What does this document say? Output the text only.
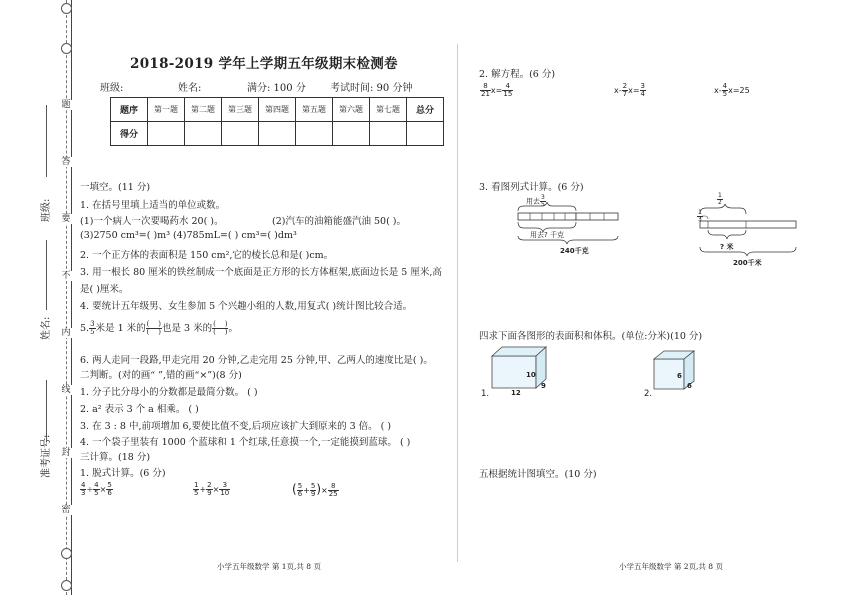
题
答
要
不
内
线
封
密
班级:
姓名:
准考证号:
2018-2019 学年上学期五年级期末检测卷
班级:	姓名:	满分: 100 分 考试时间: 90 分钟
题序	第一题	第二题	第三题	第四题	第五题	第六题	第七题	总分
得分								
一填空。(11 分)
1. 在括号里填上适当的单位或数。
(1)一个病人一次要喝药水 20( )。	(2)汽车的油箱能盛汽油 50( )。
(3)2750 cm³=( )m³ (4)785mL=( ) cm³=( )dm³
2. 一个正方体的表面积是 150 cm²,它的棱长总和是( )cm。
3. 用一根长 80 厘米的铁丝制成一个底面是正方形的长方体框架,底面边长是 5 厘米,高
是( )厘米。
4. 要统计五年级男、女生参加 5 个兴趣小组的人数,用复式( )统计图比较合适。
5. $\frac{3}{5}$ 米是 1 米的 $\frac{( )}{( )}$ 也是 3 米的 $\frac{( )}{( )}$ 。
6. 两人走同一段路,甲走完用 20 分钟,乙走完用 25 分钟,甲、乙两人的速度比是( )。
二判断。(对的画“ ”,错的画“×”)(8 分)
1. 分子比分母小的分数都是最简分数。 ( )
2. a² 表示 3 个 a 相乘。 ( )
3. 在 3 : 8 中,前项增加 6,要使比值不变,后项应该扩大到原来的 3 倍。 ( )
4. 一个袋子里装有 1000 个蓝球和 1 个红球,任意摸一个,一定能摸到蓝球。 ( )
三计算。(18 分)
1. 脱式计算。(6 分)
$\frac{4}{3} \div \frac{4}{5} \times \frac{5}{6}$	$\frac{1}{5} + \frac{2}{9} \times \frac{3}{10}$	( $\frac{5}{6} + \frac{5}{9}$ )× $\frac{8}{25}$
小学五年级数学 第 1页,共 8 页
2. 解方程。(6 分)
$\frac{8}{21} x= \frac{4}{15}$	$x- \frac{2}{7} x= \frac{3}{4}$	$x- \frac{4}{5} x=25$
3. 看图列式计算。(6 分)
用去 $\frac{3}{5}$
用去? 千克
240千克
$\frac{1}{2}$
$\frac{1}{3}$
? 米
200千米
四求下面各图形的表面积和体积。(单位:分米)(10 分)
1.	12
9
10
2.
6
6
五根据统计图填空。(10 分)
小学五年级数学 第 2页,共 8 页
